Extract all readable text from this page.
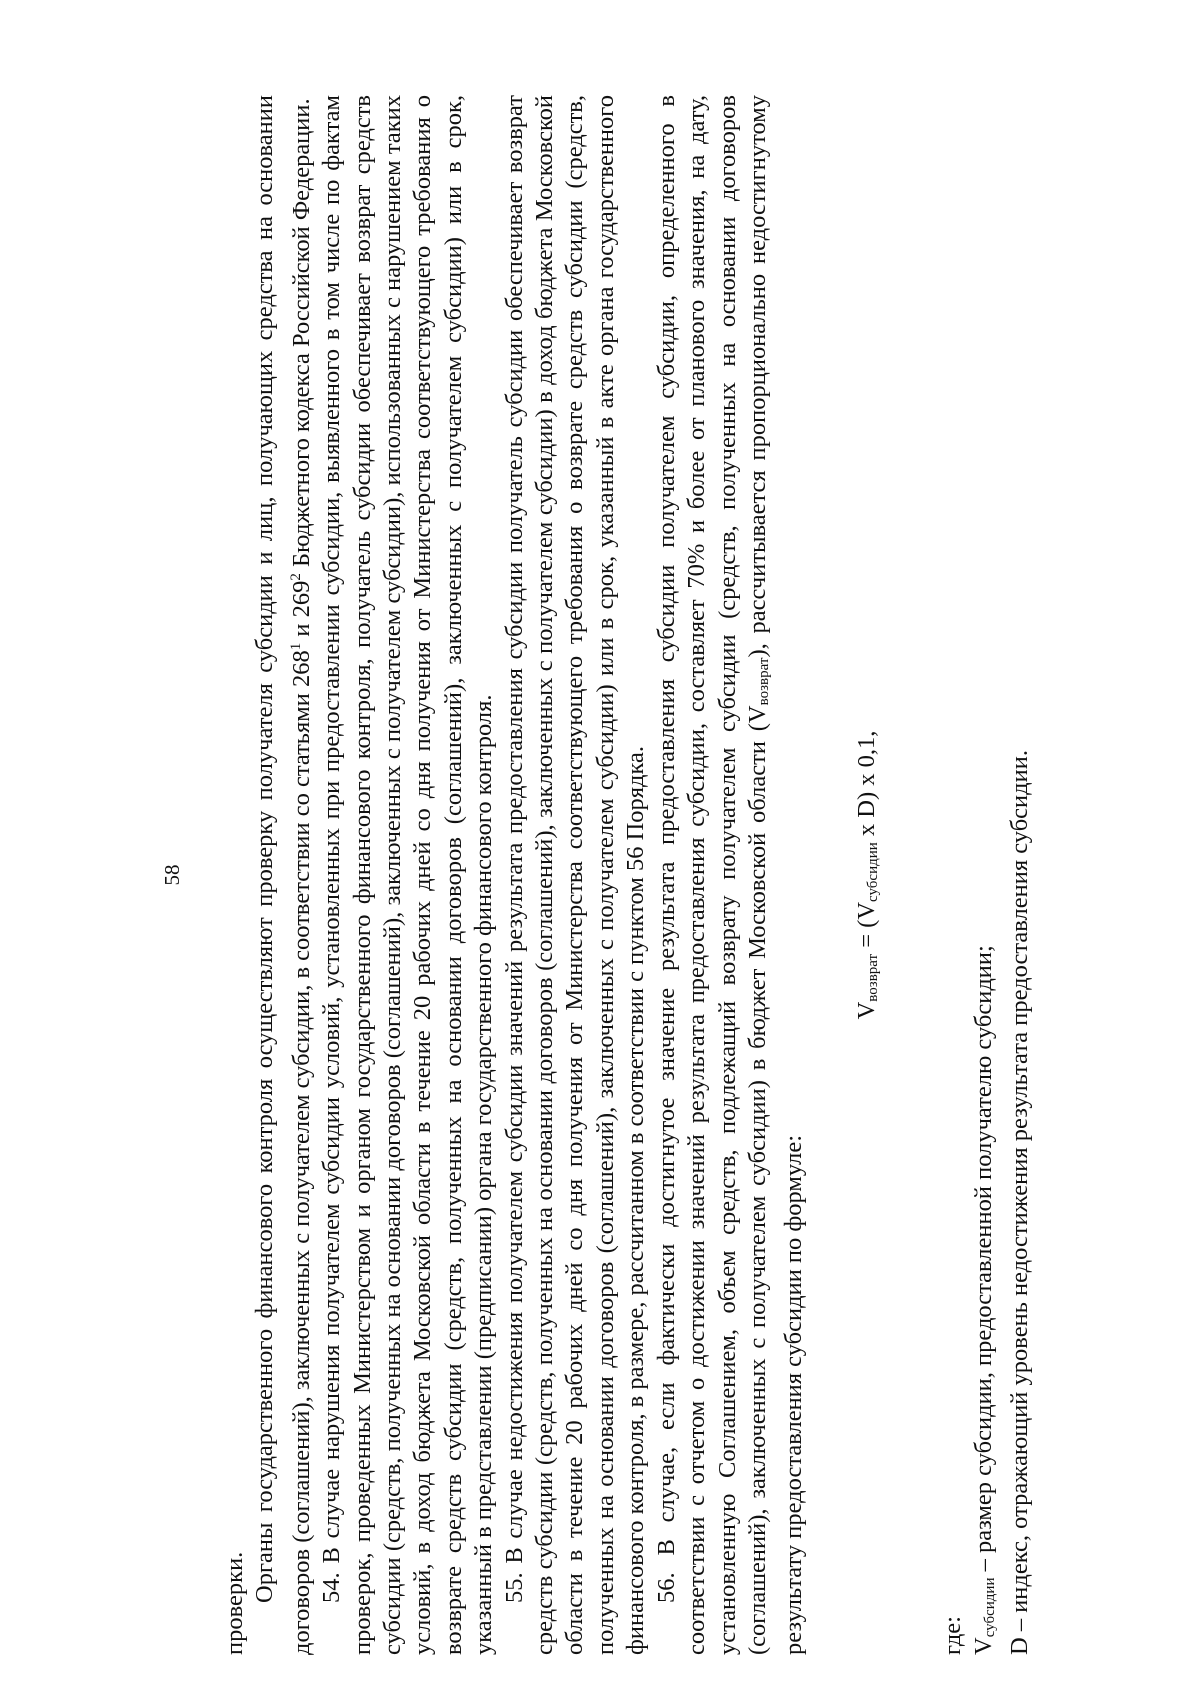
58

проверки.

Органы государственного финансового контроля осуществляют проверку получателя субсидии и лиц, получающих средства на основании договоров (соглашений), заключенных с получателем субсидии, в соответствии со статьями $268^1$ и $269^2$ Бюджетного кодекса Российской Федерации. 54. В случае нарушения получателем субсидии условий, установленных при предоставлении субсидии, выявленного в том числе по фактам проверок, проведенных Министерством и органом государственного финансового контроля, получатель субсидии обеспечивает возврат средств субсидии (средств, полученных на основании договоров (соглашений), заключенных с получателем субсидии), использованных с нарушением таких условий, в доход бюджета Московской области в течение 20 рабочих дней со дня получения от Министерства соответствующего требования о возврате средств субсидии (средств, полученных на основании договоров (соглашений), заключенных с получателем субсидии) или в срок, указанный в представлении (предписании) органа государственного финансового контроля. 55. В случае недостижения получателем субсидии значений результата предоставления субсидии получатель субсидии обеспечивает возврат средств субсидии (средств, полученных на основании договоров (соглашений), заключенных с получателем субсидии) в доход бюджета Московской области в течение 20 рабочих дней со дня получения от Министерства соответствующего требования о возврате средств субсидии (средств, полученных на основании договоров (соглашений), заключенных с получателем субсидии) или в срок, указанный в акте органа государственного финансового контроля, в размере, рассчитанном в соответствии с пунктом 56 Порядка. 56. В случае, если фактически достигнутое значение результата предоставления субсидии получателем субсидии, определенного в соответствии с отчетом о достижении значений результата предоставления субсидии, составляет 70% и более от планового значения, на дату, установленную Соглашением, объем средств, подлежащий возврату получателем субсидии (средств, полученных на основании договоров (соглашений), заключенных с получателем субсидии) в бюджет Московской области $(V_{возврат})$, рассчитывается пропорционально недостигнутому результату предоставления субсидии по формуле:

$V_{возврат} = (V_{субсидии}$ x D) x 0,1,

где: $V_{субсидии}$ – размер субсидии, предоставленной получателю субсидии; D – индекс, отражающий уровень недостижения результата предоставления субсидии.
